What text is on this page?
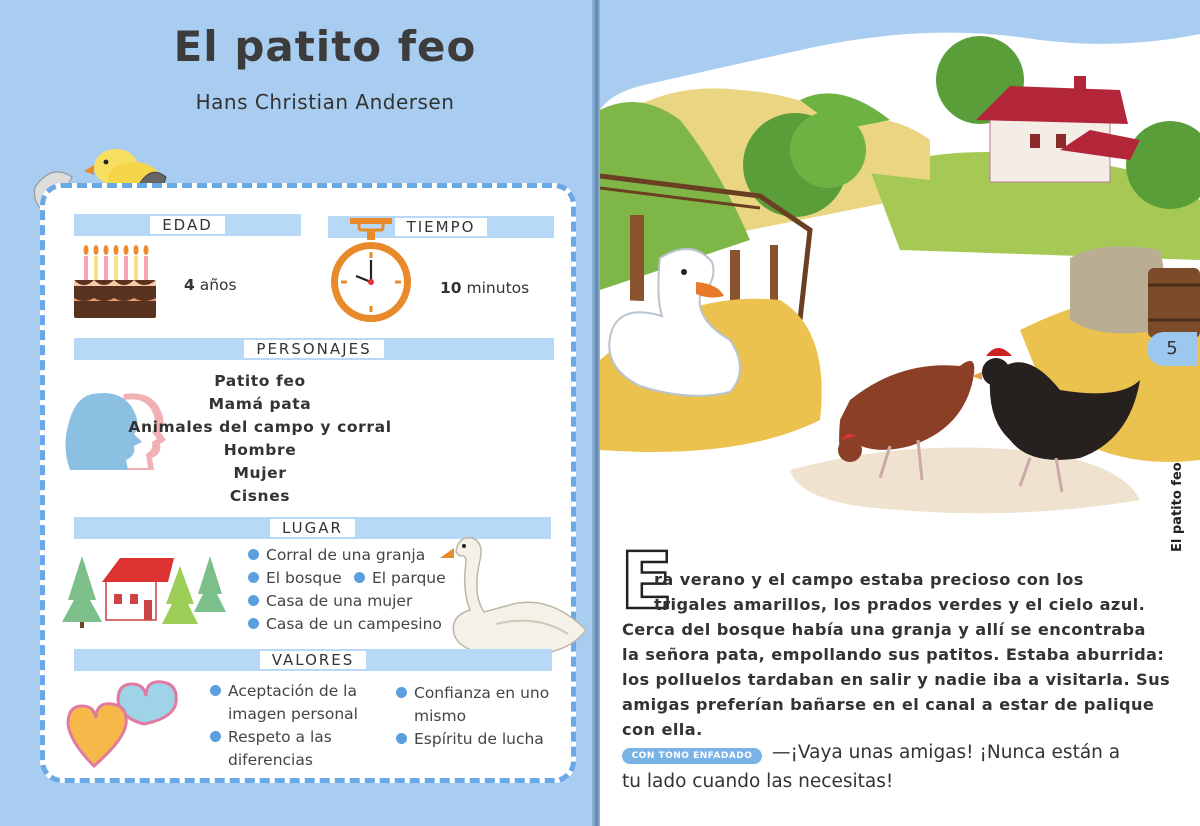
El patito feo
Hans Christian Andersen
EDAD
4 años
TIEMPO
10 minutos
PERSONAJES
Patito feo
Mamá pata
Animales del campo y corral
Hombre
Mujer
Cisnes
LUGAR
Corral de una granja
El bosque	El parque
Casa de una mujer
Casa de un campesino
VALORES
Aceptación de la
imagen personal
Respeto a las
diferencias
Confianza en uno
mismo
Espíritu de lucha
E
ra verano y el campo estaba precioso con los
trigales amarillos, los prados verdes y el cielo azul.
Cerca del bosque había una granja y allí se encontraba
la señora pata, empollando sus patitos. Estaba aburrida:
los polluelos tardaban en salir y nadie iba a visitarla. Sus
amigas preferían bañarse en el canal a estar de palique
con ella.
CON TONO ENFADADO	—¡Vaya unas amigas! ¡Nunca están a
tu lado cuando las necesitas!
5
El patito feo
